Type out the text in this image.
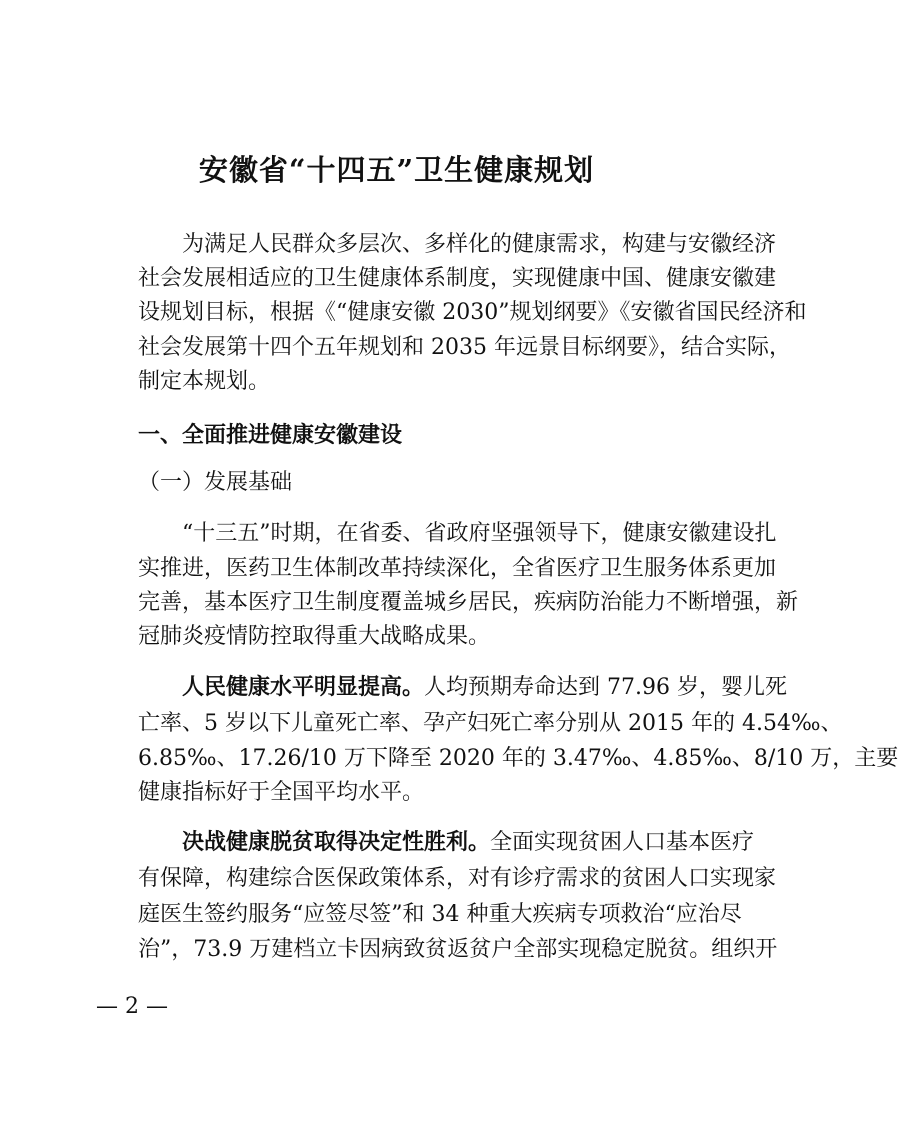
安徽省“十四五”卫生健康规划
为满足人民群众多层次、多样化的健康需求，构建与安徽经济
社会发展相适应的卫生健康体系制度，实现健康中国、健康安徽建
设规划目标，根据《“健康安徽 2030”规划纲要》《安徽省国民经济和
社会发展第十四个五年规划和 2035 年远景目标纲要》，结合实际，
制定本规划。
一、全面推进健康安徽建设
（一）发展基础
“十三五”时期，在省委、省政府坚强领导下，健康安徽建设扎
实推进，医药卫生体制改革持续深化，全省医疗卫生服务体系更加
完善，基本医疗卫生制度覆盖城乡居民，疾病防治能力不断增强，新
冠肺炎疫情防控取得重大战略成果。
人民健康水平明显提高。人均预期寿命达到 77.96 岁，婴儿死
亡率、5 岁以下儿童死亡率、孕产妇死亡率分别从 2015 年的 4.54‰、
6.85‰、17.26/10 万下降至 2020 年的 3.47‰、4.85‰、8/10 万，主要
健康指标好于全国平均水平。
决战健康脱贫取得决定性胜利。全面实现贫困人口基本医疗
有保障，构建综合医保政策体系，对有诊疗需求的贫困人口实现家
庭医生签约服务“应签尽签”和 34 种重大疾病专项救治“应治尽
治”，73.9 万建档立卡因病致贫返贫户全部实现稳定脱贫。组织开
— 2 —
